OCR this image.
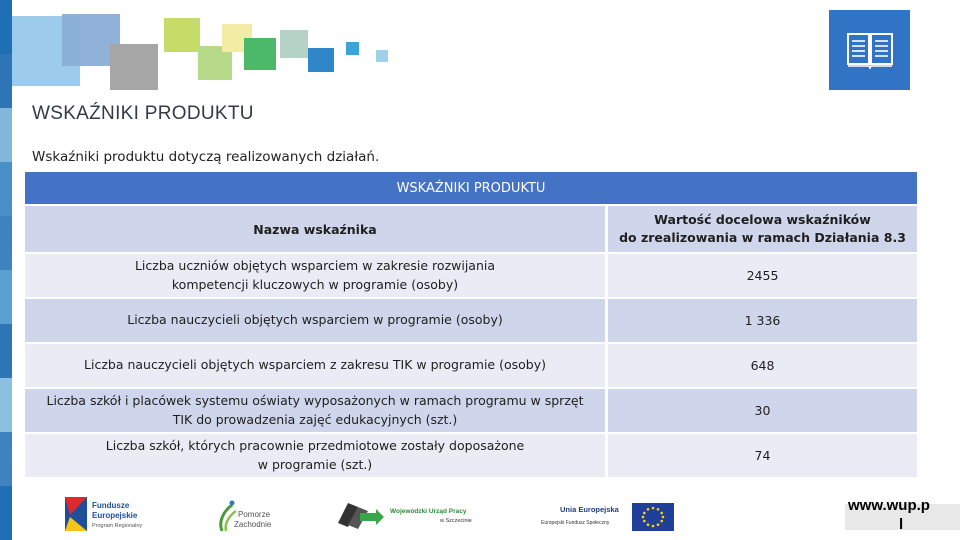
WSKAŹNIKI PRODUKTU
Wskaźniki produktu dotyczą realizowanych działań.
WSKAŹNIKI PRODUKTU	
Nazwa wskaźnika	Wartość docelowa wskaźników
do zrealizowania w ramach Działania 8.3
Liczba uczniów objętych wsparciem w zakresie rozwijania
kompetencji kluczowych w programie (osoby)	2455
Liczba nauczycieli objętych wsparciem w programie (osoby)	1 336
Liczba nauczycieli objętych wsparciem z zakresu TIK w programie (osoby)	648
Liczba szkół i placówek systemu oświaty wyposażonych w ramach programu w sprzęt
TIK do prowadzenia zajęć edukacyjnych (szt.)	30
Liczba szkół, których pracownie przedmiotowe zostały doposażone
w programie (szt.)	74
Fundusze
Europejskie
Program Regionalny
Pomorze
Zachodnie
Wojewódzki Urząd Pracy
w Szczecinie
Unia Europejska
Europejski Fundusz Społeczny
www.wup.p
l
